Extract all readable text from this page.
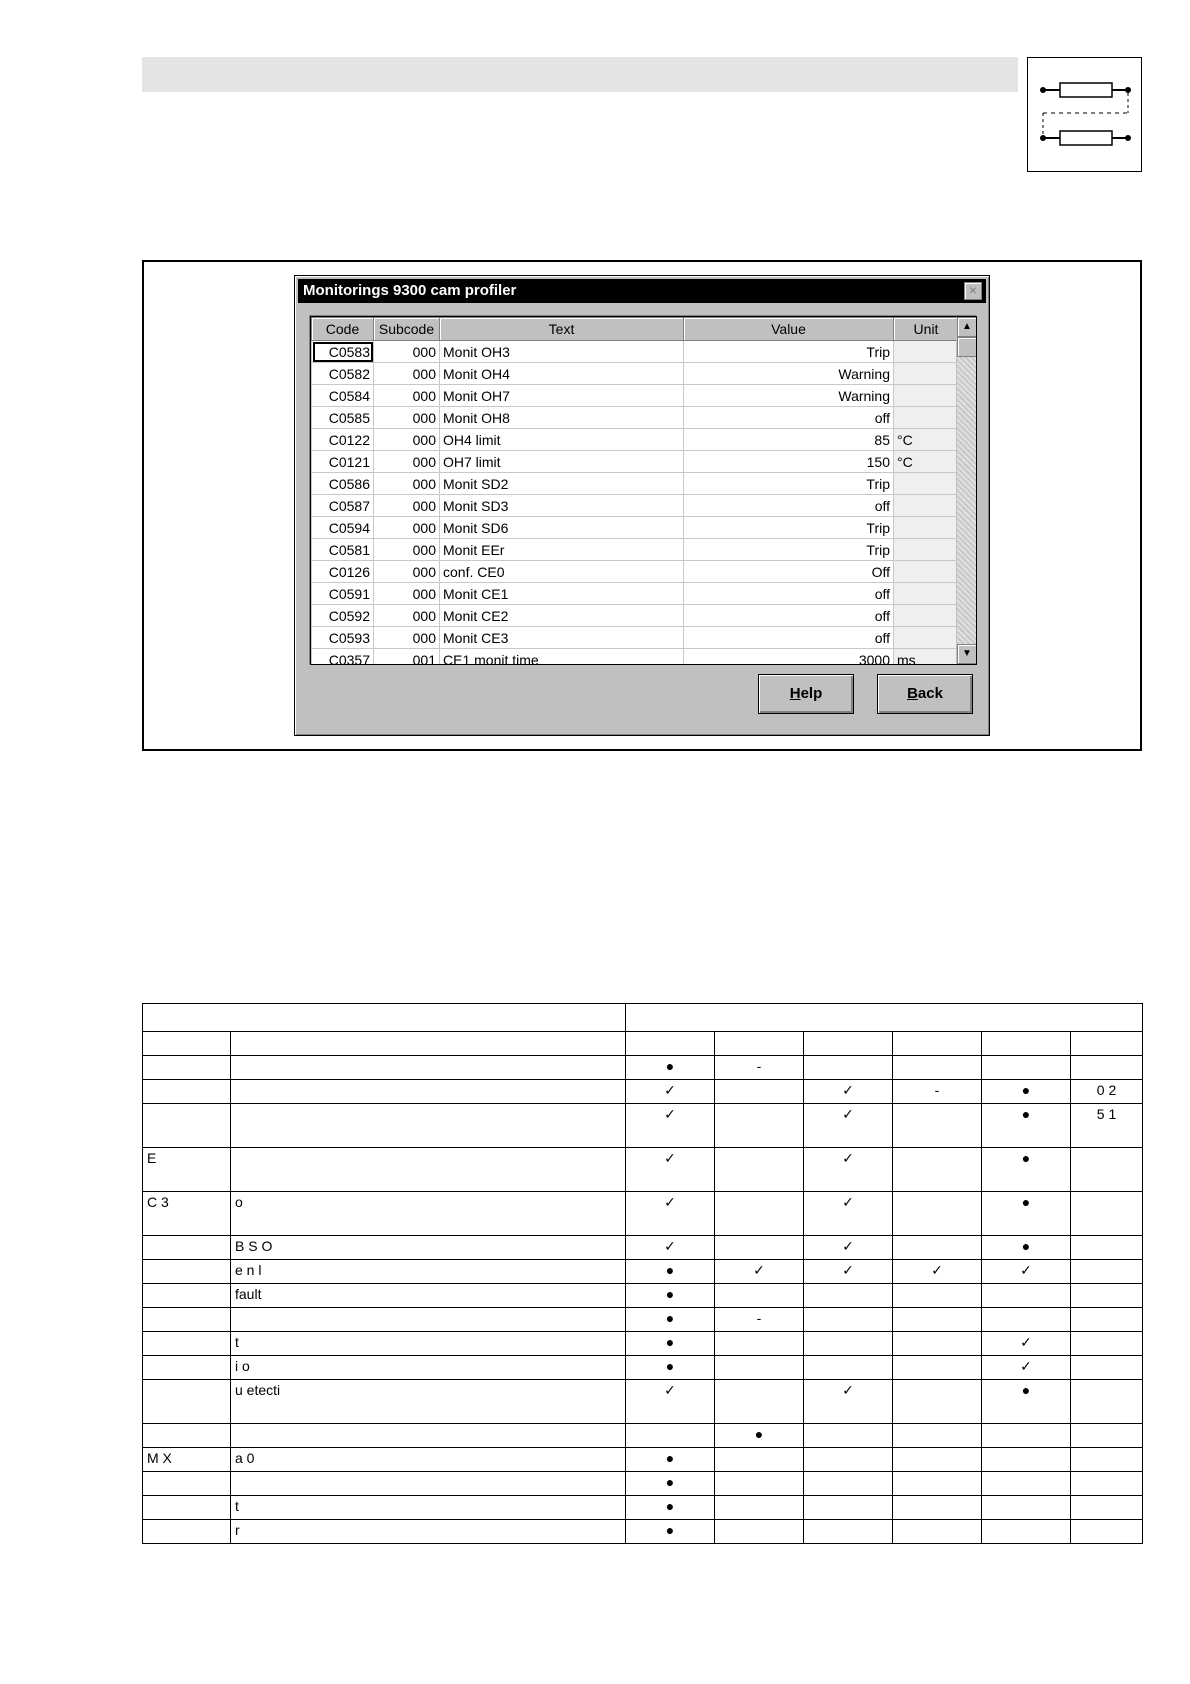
Monitorings 9300 cam profiler	×
Code	Subcode	Text	Value	Unit
C0583	000	Monit OH3	Trip	
C0582	000	Monit OH4	Warning	
C0584	000	Monit OH7	Warning	
C0585	000	Monit OH8	off	
C0122	000	OH4 limit	85	°C
C0121	000	OH7 limit	150	°C
C0586	000	Monit SD2	Trip	
C0587	000	Monit SD3	off	
C0594	000	Monit SD6	Trip	
C0581	000	Monit EEr	Trip	
C0126	000	conf. CE0	Off	
C0591	000	Monit CE1	off	
C0592	000	Monit CE2	off	
C0593	000	Monit CE3	off	
C0357	001	CE1 monit time	3000	ms
▲
▼
Help	Back

		●	-				
		✓		✓	-	●	0 2
		✓		✓		●	5 1
E		✓		✓		●	
C 3	o	✓		✓		●	
	B S O	✓		✓		●	
	e n l	●	✓	✓	✓	✓	
	fault	●					
		●	-				
	t	●				✓	
	i o	●				✓	
	u etecti	✓		✓		●	
			●				
M X	a 0	●					
		●					
	t	●					
	r	●					
